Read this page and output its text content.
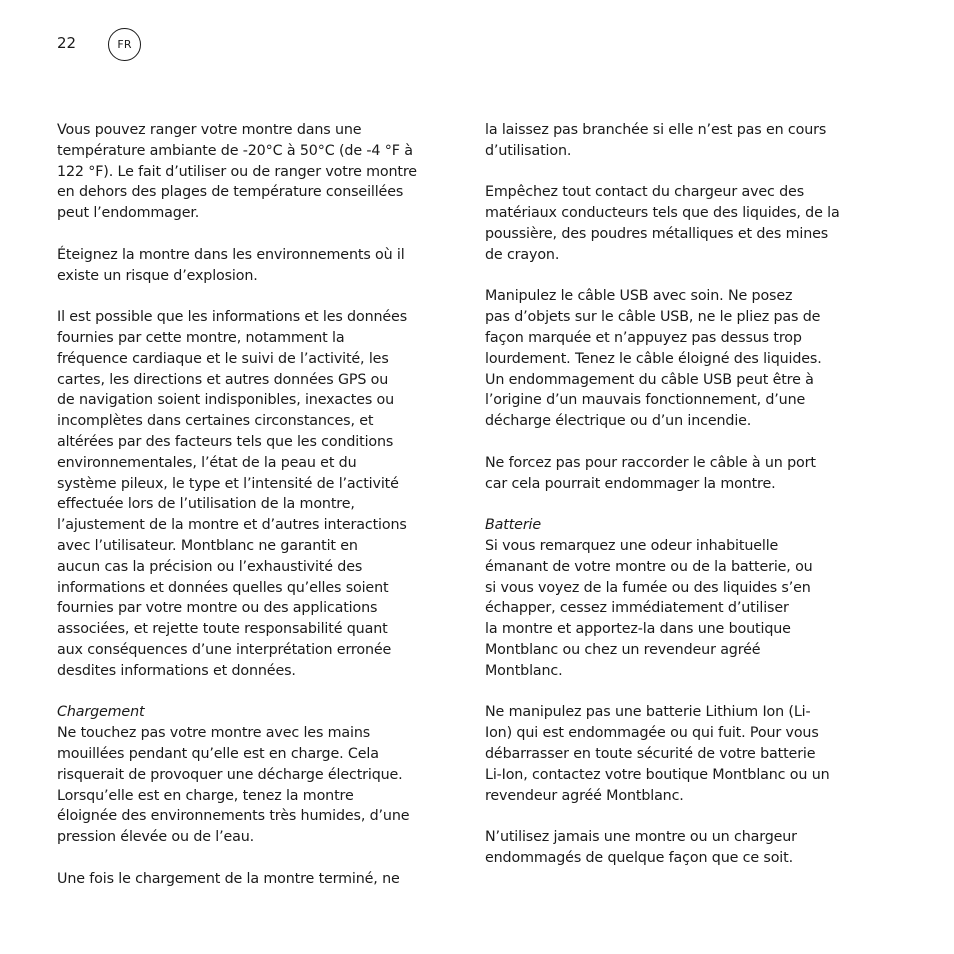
22	FR
Vous pouvez ranger votre montre dans une
température ambiante de -20°C à 50°C (de -4 °F à
122 °F). Le fait d’utiliser ou de ranger votre montre
en dehors des plages de température conseillées
peut l’endommager.
Éteignez la montre dans les environnements où il
existe un risque d’explosion.
Il est possible que les informations et les données
fournies par cette montre, notamment la
fréquence cardiaque et le suivi de l’activité, les
cartes, les directions et autres données GPS ou
de navigation soient indisponibles, inexactes ou
incomplètes dans certaines circonstances, et
altérées par des facteurs tels que les conditions
environnementales, l’état de la peau et du
système pileux, le type et l’intensité de l’activité
effectuée lors de l’utilisation de la montre,
l’ajustement de la montre et d’autres interactions
avec l’utilisateur. Montblanc ne garantit en
aucun cas la précision ou l’exhaustivité des
informations et données quelles qu’elles soient
fournies par votre montre ou des applications
associées, et rejette toute responsabilité quant
aux conséquences d’une interprétation erronée
desdites informations et données.
Chargement
Ne touchez pas votre montre avec les mains
mouillées pendant qu’elle est en charge. Cela
risquerait de provoquer une décharge électrique.
Lorsqu’elle est en charge, tenez la montre
éloignée des environnements très humides, d’une
pression élevée ou de l’eau.
Une fois le chargement de la montre terminé, ne
la laissez pas branchée si elle n’est pas en cours
d’utilisation.
Empêchez tout contact du chargeur avec des
matériaux conducteurs tels que des liquides, de la
poussière, des poudres métalliques et des mines
de crayon.
Manipulez le câble USB avec soin. Ne posez
pas d’objets sur le câble USB, ne le pliez pas de
façon marquée et n’appuyez pas dessus trop
lourdement. Tenez le câble éloigné des liquides.
Un endommagement du câble USB peut être à
l’origine d’un mauvais fonctionnement, d’une
décharge électrique ou d’un incendie.
Ne forcez pas pour raccorder le câble à un port
car cela pourrait endommager la montre.
Batterie
Si vous remarquez une odeur inhabituelle
émanant de votre montre ou de la batterie, ou
si vous voyez de la fumée ou des liquides s’en
échapper, cessez immédiatement d’utiliser
la montre et apportez-la dans une boutique
Montblanc ou chez un revendeur agréé
Montblanc.
Ne manipulez pas une batterie Lithium Ion (Li-
Ion) qui est endommagée ou qui fuit. Pour vous
débarrasser en toute sécurité de votre batterie
Li-Ion, contactez votre boutique Montblanc ou un
revendeur agréé Montblanc.
N’utilisez jamais une montre ou un chargeur
endommagés de quelque façon que ce soit.
